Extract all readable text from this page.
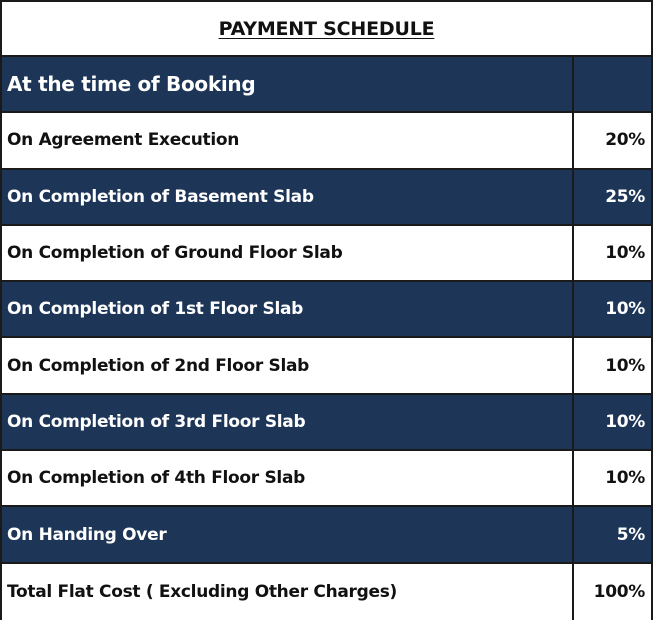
PAYMENT SCHEDULE
At the time of Booking
On Agreement Execution	20%
On Completion of Basement Slab	25%
On Completion of Ground Floor Slab	10%
On Completion of 1st Floor Slab	10%
On Completion of 2nd Floor Slab	10%
On Completion of 3rd Floor Slab	10%
On Completion of 4th Floor Slab	10%
On Handing Over	5%
Total Flat Cost ( Excluding Other Charges)	100%
